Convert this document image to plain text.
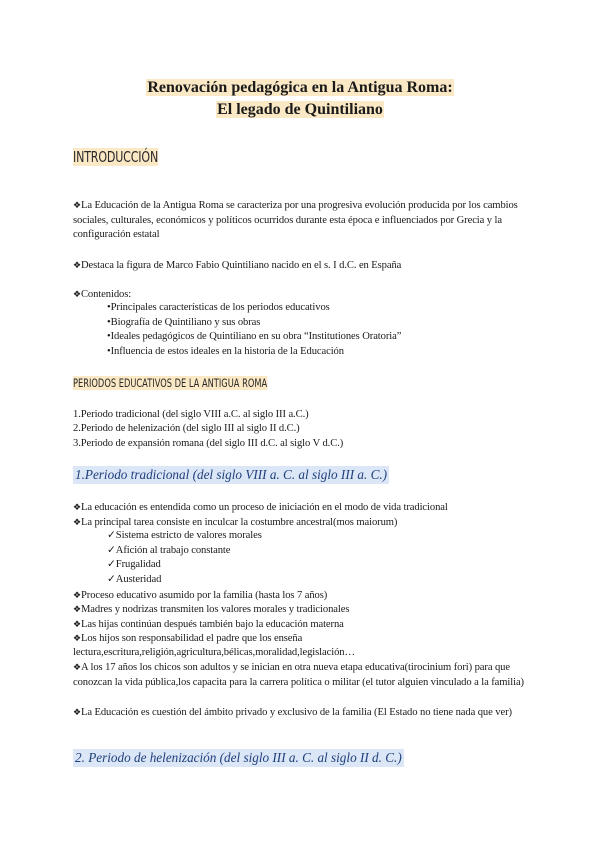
Renovación pedagógica en la Antigua Roma:
El legado de Quintiliano
INTRODUCCIÓN
❖La Educación de la Antigua Roma se caracteriza por una progresiva evolución producida por los cambios sociales, culturales, económicos y políticos ocurridos durante esta época e influenciados por Grecia y la configuración estatal
❖Destaca la figura de Marco Fabio Quintiliano nacido en el s. I d.C. en España
❖Contenidos:
•Principales características de los periodos educativos
•Biografía de Quintiliano y sus obras
•Ideales pedagógicos de Quintiliano en su obra “Institutiones Oratoria”
•Influencia de estos ideales en la historia de la Educación
PERIODOS EDUCATIVOS DE LA ANTIGUA ROMA
1.Periodo tradicional (del siglo VIII a.C. al siglo III a.C.)
2.Periodo de helenización (del siglo III al siglo II d.C.)
3.Periodo de expansión romana (del siglo III d.C. al siglo V d.C.)
1.Periodo tradicional (del siglo VIII a. C. al siglo III a. C.)
❖La educación es entendida como un proceso de iniciación en el modo de vida tradicional
❖La principal tarea consiste en inculcar la costumbre ancestral(mos maiorum)
✓Sistema estricto de valores morales
✓Afición al trabajo constante
✓Frugalidad
✓Austeridad
❖Proceso educativo asumido por la familia (hasta los 7 años)
❖Madres y nodrizas transmiten los valores morales y tradicionales
❖Las hijas continúan después también bajo la educación materna
❖Los hijos son responsabilidad el padre que los enseña
lectura,escritura,religión,agricultura,bélicas,moralidad,legislación…
❖A los 17 años los chicos son adultos y se inician en otra nueva etapa educativa(tirocinium fori) para que conozcan la vida pública,los capacita para la carrera política o militar (el tutor alguien vinculado a la familia)
❖La Educación es cuestión del ámbito privado y exclusivo de la familia (El Estado no tiene nada que ver)
2. Periodo de helenización (del siglo III a. C. al siglo II d. C.)
